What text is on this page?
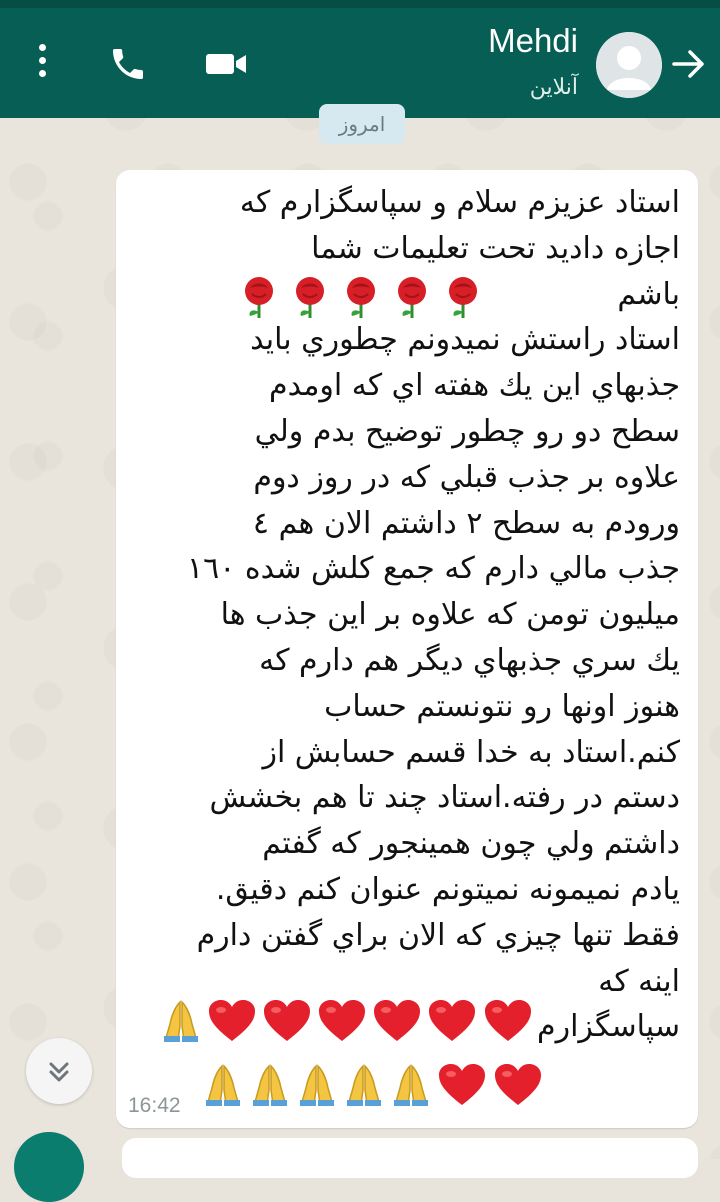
Mehdi
آنلاین
امروز
استاد عزیزم سلام و سپاسگزارم که
اجازه دادید تحت تعلیمات شما
باشم
استاد راستش نمیدونم چطوري بايد
جذبهاي اين يك هفته اي كه اومدم
سطح دو رو چطور توضيح بدم ولي
علاوه بر جذب قبلي كه در روز دوم
ورودم به سطح ٢ داشتم الان هم ٤
جذب مالي دارم كه جمع كلش شده ١٦٠
ميليون تومن كه علاوه بر اين جذب ها
يك سري جذبهاي ديگر هم دارم كه
هنوز اونها رو نتونستم حساب
كنم.استاد به خدا قسم حسابش از
دستم در رفته.استاد چند تا هم بخشش
داشتم ولي چون همينجور كه گفتم
يادم نميمونه نميتونم عنوان كنم دقيق.
فقط تنها چيزي كه الان براي گفتن دارم
اينه كه
سپاسگزارم

16:42
